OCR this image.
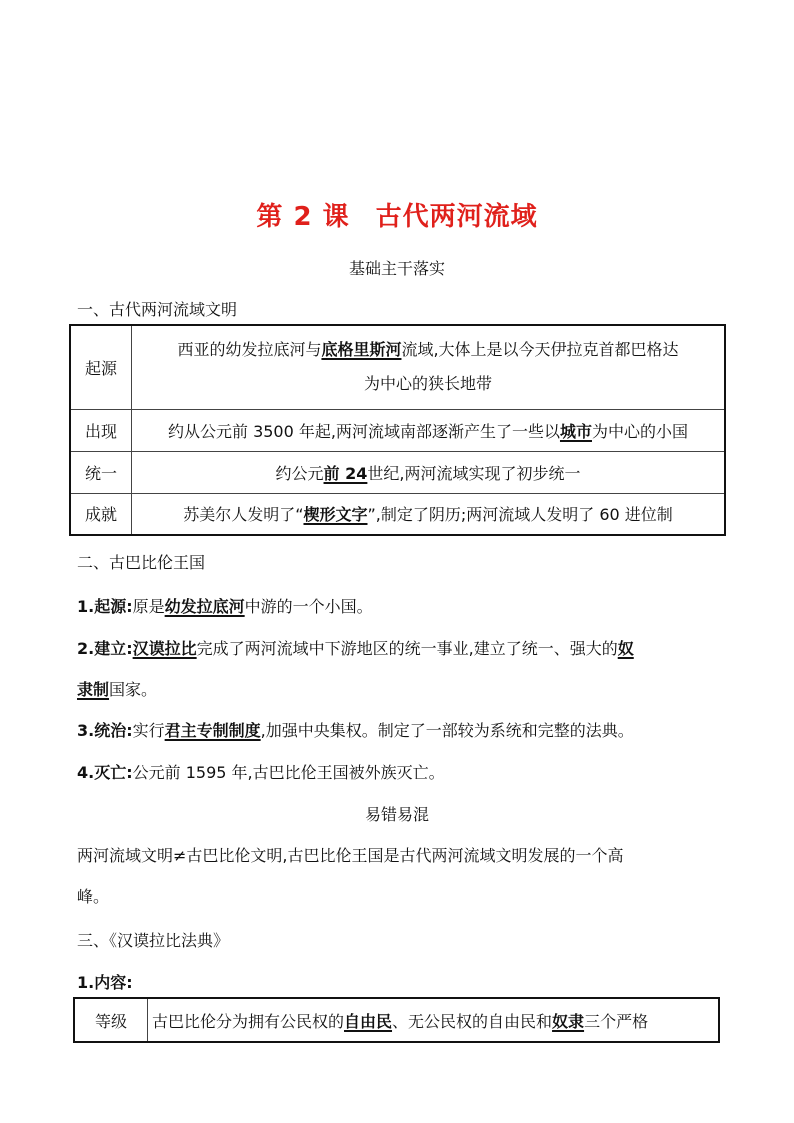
第 2 课 古代两河流域
基础主干落实
一、古代两河流域文明
起源	西亚的幼发拉底河与底格里斯河流域,大体上是以今天伊拉克首都巴格达
为中心的狭长地带
出现	约从公元前 3500 年起,两河流域南部逐渐产生了一些以城市为中心的小国
统一	约公元前 24世纪,两河流域实现了初步统一
成就	苏美尔人发明了“楔形文字”,制定了阴历;两河流域人发明了 60 进位制
二、古巴比伦王国
1.起源:原是幼发拉底河中游的一个小国。
2.建立:汉谟拉比完成了两河流域中下游地区的统一事业,建立了统一、强大的奴
隶制国家。
3.统治:实行君主专制制度,加强中央集权。制定了一部较为系统和完整的法典。
4.灭亡:公元前 1595 年,古巴比伦王国被外族灭亡。
易错易混
两河流域文明≠古巴比伦文明,古巴比伦王国是古代两河流域文明发展的一个高
峰。
三、《汉谟拉比法典》
1.内容:
等级	古巴比伦分为拥有公民权的自由民、无公民权的自由民和奴隶三个严格
